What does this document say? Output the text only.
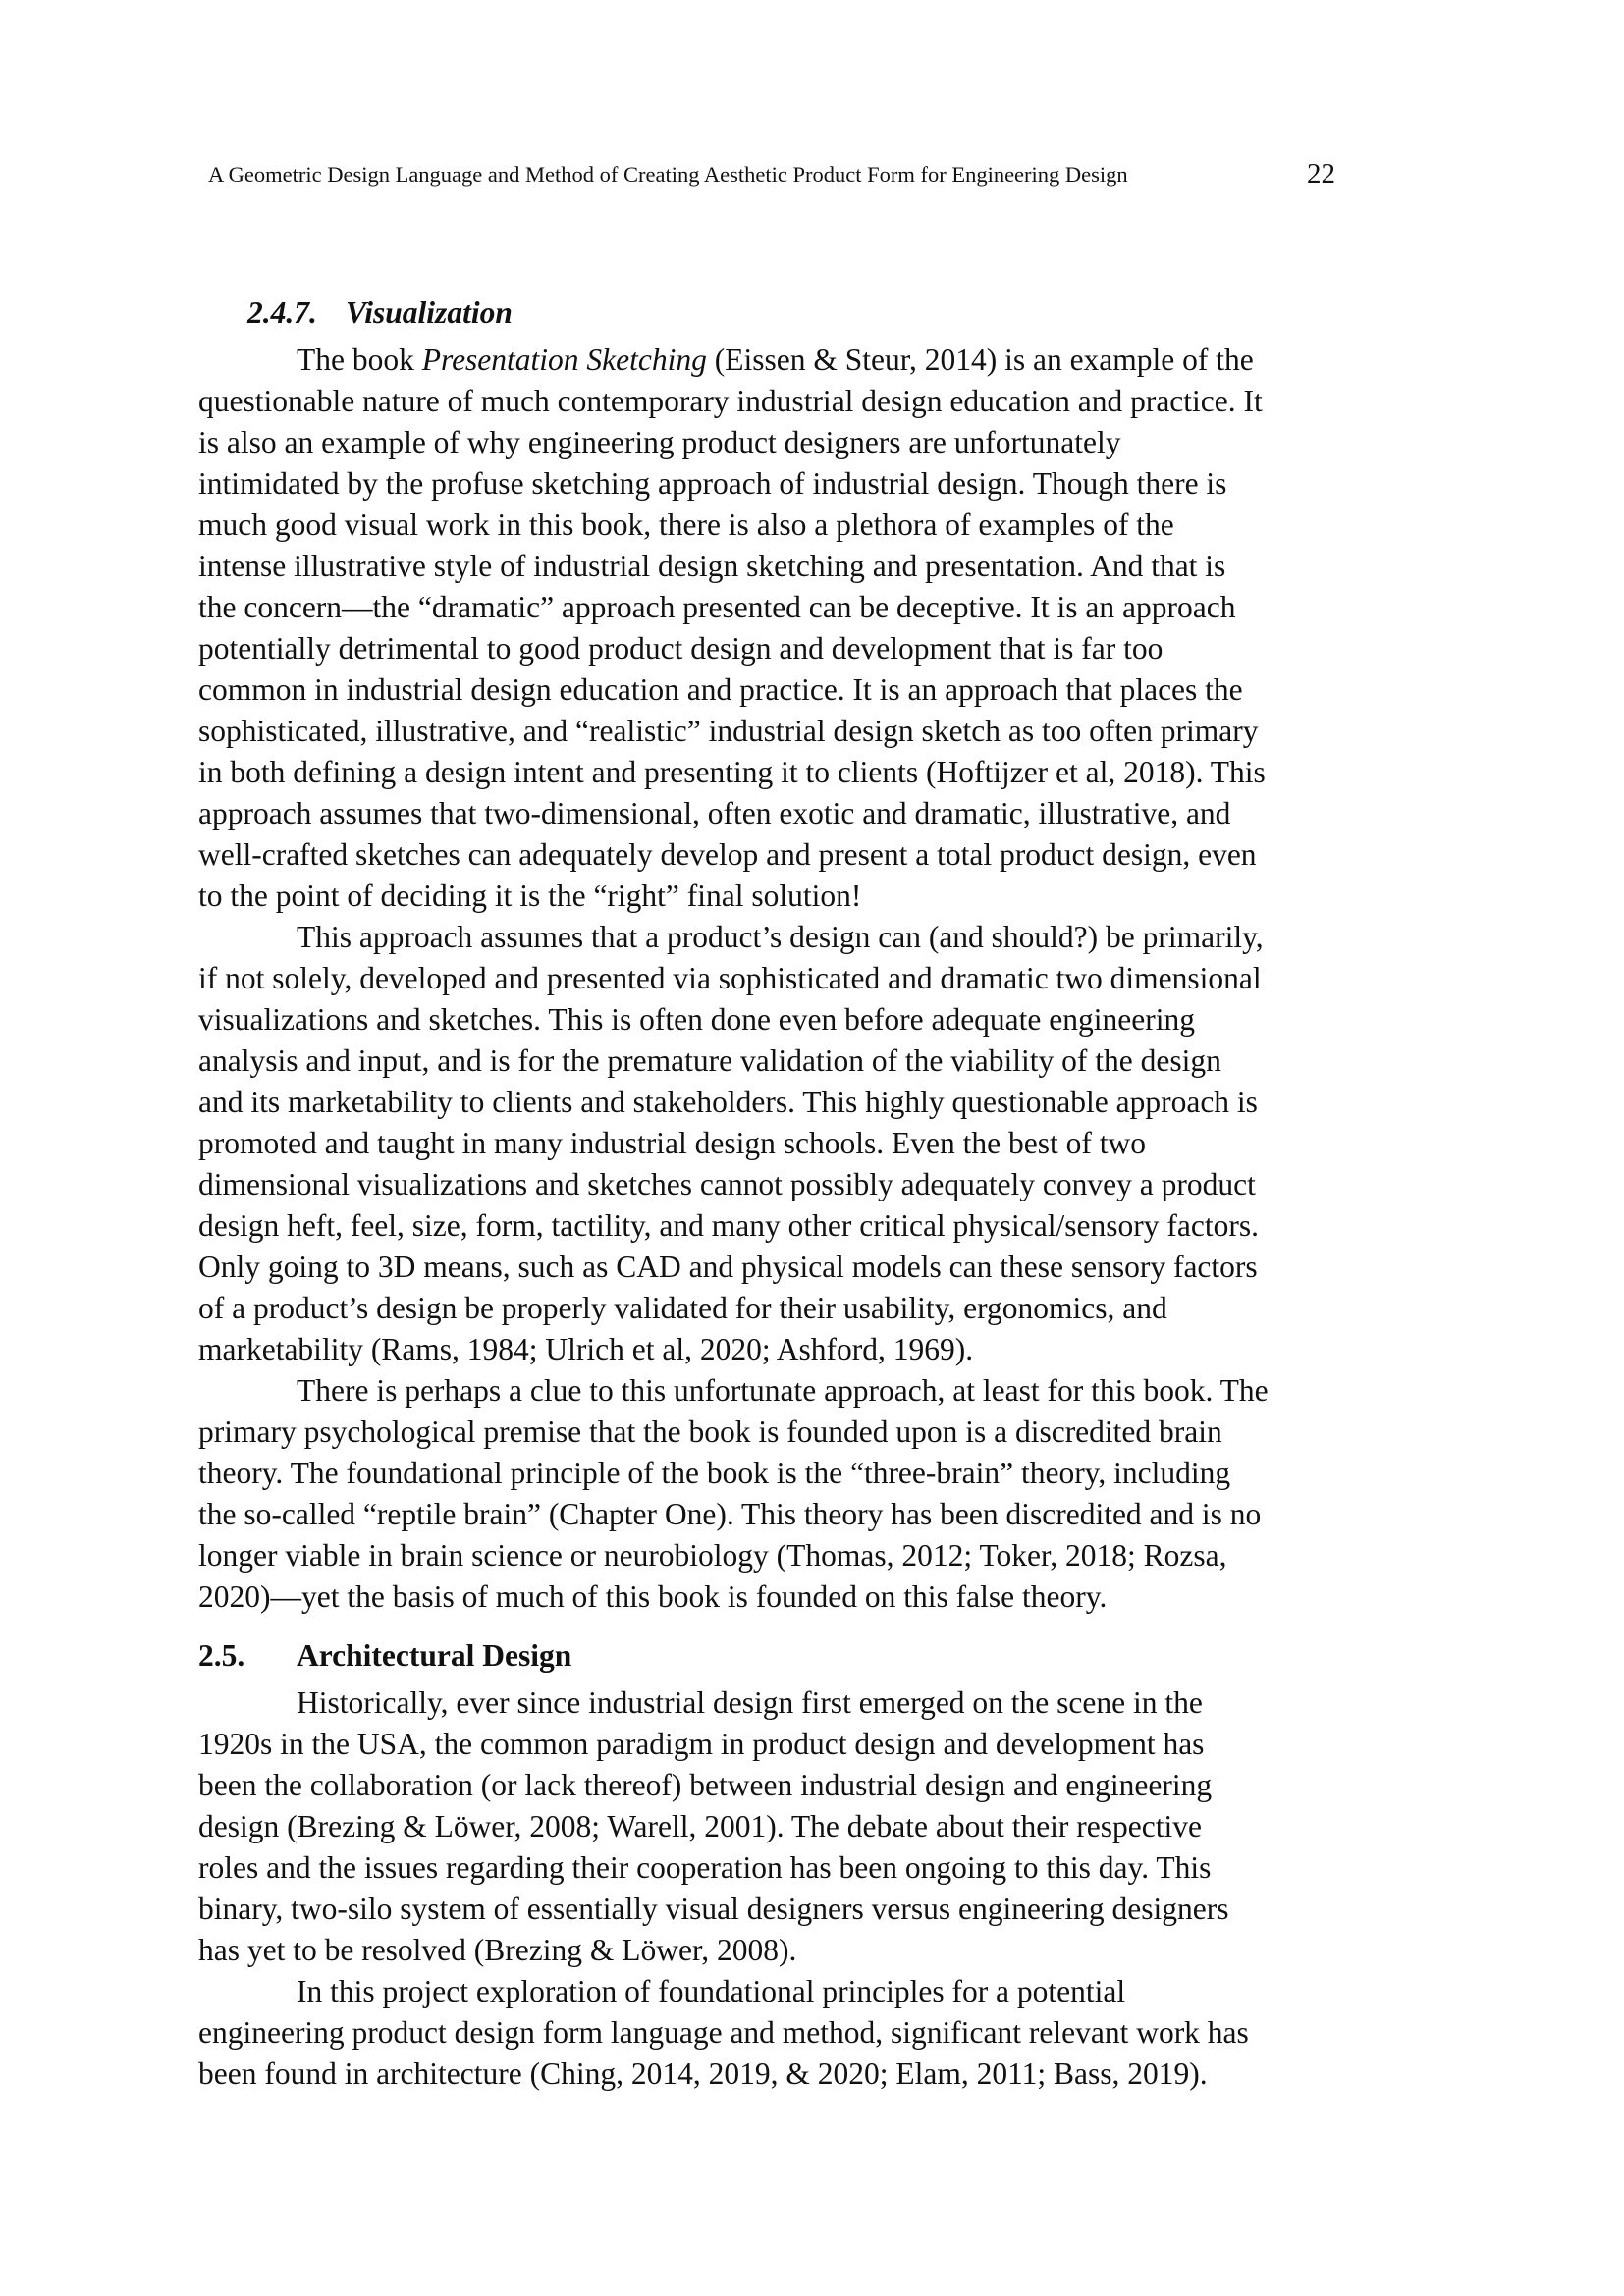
A Geometric Design Language and Method of Creating Aesthetic Product Form for Engineering Design	22
2.4.7. Visualization

The book Presentation Sketching (Eissen & Steur, 2014) is an example of the
questionable nature of much contemporary industrial design education and practice. It
is also an example of why engineering product designers are unfortunately
intimidated by the profuse sketching approach of industrial design. Though there is
much good visual work in this book, there is also a plethora of examples of the
intense illustrative style of industrial design sketching and presentation. And that is
the concern—the “dramatic” approach presented can be deceptive. It is an approach
potentially detrimental to good product design and development that is far too
common in industrial design education and practice. It is an approach that places the
sophisticated, illustrative, and “realistic” industrial design sketch as too often primary
in both defining a design intent and presenting it to clients (Hoftijzer et al, 2018). This
approach assumes that two-dimensional, often exotic and dramatic, illustrative, and
well-crafted sketches can adequately develop and present a total product design, even
to the point of deciding it is the “right” final solution!

This approach assumes that a product’s design can (and should?) be primarily,
if not solely, developed and presented via sophisticated and dramatic two dimensional
visualizations and sketches. This is often done even before adequate engineering
analysis and input, and is for the premature validation of the viability of the design
and its marketability to clients and stakeholders. This highly questionable approach is
promoted and taught in many industrial design schools. Even the best of two
dimensional visualizations and sketches cannot possibly adequately convey a product
design heft, feel, size, form, tactility, and many other critical physical/sensory factors.
Only going to 3D means, such as CAD and physical models can these sensory factors
of a product’s design be properly validated for their usability, ergonomics, and
marketability (Rams, 1984; Ulrich et al, 2020; Ashford, 1969).

There is perhaps a clue to this unfortunate approach, at least for this book. The
primary psychological premise that the book is founded upon is a discredited brain
theory. The foundational principle of the book is the “three-brain” theory, including
the so-called “reptile brain” (Chapter One). This theory has been discredited and is no
longer viable in brain science or neurobiology (Thomas, 2012; Toker, 2018; Rozsa,
2020)—yet the basis of much of this book is founded on this false theory.

2.5. Architectural Design

Historically, ever since industrial design first emerged on the scene in the
1920s in the USA, the common paradigm in product design and development has
been the collaboration (or lack thereof) between industrial design and engineering
design (Brezing & Löwer, 2008; Warell, 2001). The debate about their respective
roles and the issues regarding their cooperation has been ongoing to this day. This
binary, two-silo system of essentially visual designers versus engineering designers
has yet to be resolved (Brezing & Löwer, 2008).

In this project exploration of foundational principles for a potential
engineering product design form language and method, significant relevant work has
been found in architecture (Ching, 2014, 2019, & 2020; Elam, 2011; Bass, 2019).
